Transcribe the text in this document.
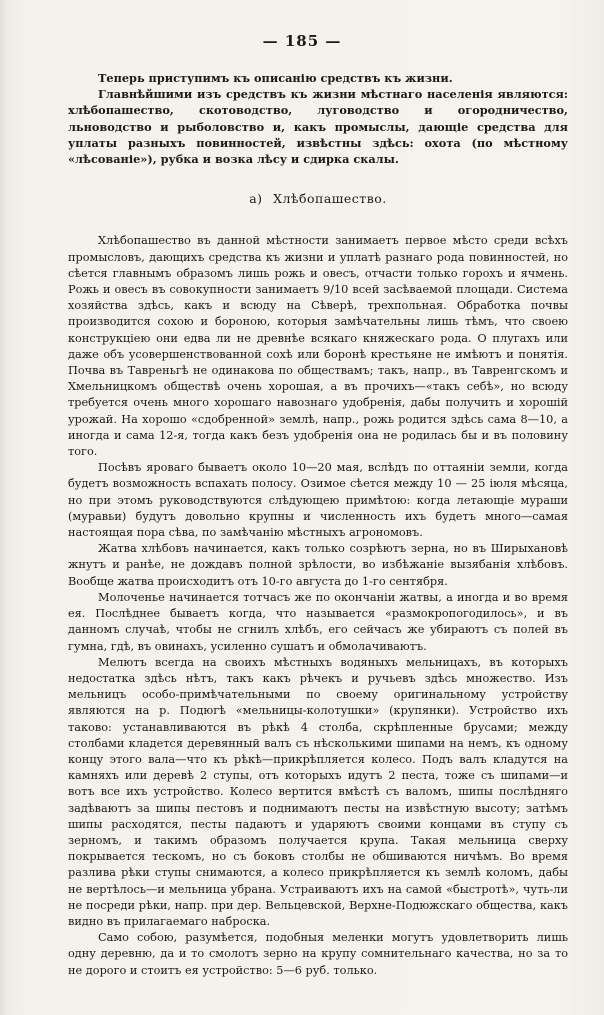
— 185 —

Теперь приступимъ къ описанію средствъ къ жизни.

Главнѣйшими изъ средствъ къ жизни мѣстнаго населенія являются: хлѣбопашество, скотоводство, луговодство и огородничество, льноводство и рыболовство и, какъ промыслы, дающіе средства для уплаты разныхъ повинностей, извѣстны здѣсь: охота (по мѣстному «лѣсованіе»), рубка и возка лѣсу и сдирка скалы.

а) Хлѣбопашество.

Хлѣбопашество въ данной мѣстности занимаетъ первое мѣсто среди всѣхъ промысловъ, дающихъ средства къ жизни и уплатѣ разнаго рода повинностей, но сѣется главнымъ образомъ лишь рожь и овесъ, отчасти только горохъ и ячмень. Рожь и овесъ въ совокупности занимаетъ 9/10 всей засѣваемой площади. Система хозяйства здѣсь, какъ и всюду на Сѣверѣ, трехпольная. Обработка почвы производится сохою и бороною, которыя замѣчательны лишь тѣмъ, что своею конструкціею они едва ли не древнѣе всякаго княжескаго рода. О плугахъ или даже объ усовершенствованной сохѣ или боронѣ крестьяне не имѣютъ и понятія. Почва въ Тавреньгѣ не одинакова по обществамъ; такъ, напр., въ Тавренгскомъ и Хмельницкомъ обществѣ очень хорошая, а въ прочихъ—«такъ себѣ», но всюду требуется очень много хорошаго навознаго удобренія, дабы получить и хорошій урожай. На хорошо «сдобренной» землѣ, напр., рожь родится здѣсь сама 8—10, а иногда и сама 12-я, тогда какъ безъ удобренія она не родилась бы и въ половину того.

Посѣвъ яроваго бываетъ около 10—20 мая, вслѣдъ по оттаяніи земли, когда будетъ возможность вспахать полосу. Озимое сѣется между 10 — 25 іюля мѣсяца, но при этомъ руководствуются слѣдующею примѣтою: когда летающіе мураши (муравьи) будутъ довольно крупны и численность ихъ будетъ много—самая настоящая пора сѣва, по замѣчанію мѣстныхъ агрономовъ.

Жатва хлѣбовъ начинается, какъ только созрѣютъ зерна, но въ Ширыхановѣ жнутъ и ранѣе, не дождавъ полной зрѣлости, во избѣжаніе вызябанія хлѣбовъ. Вообще жатва происходитъ отъ 10-го августа до 1-го сентября.

Молоченье начинается тотчасъ же по окончаніи жатвы, а иногда и во время ея. Послѣднее бываетъ когда, что называется «размокропогодилось», и въ данномъ случаѣ, чтобы не сгнилъ хлѣбъ, его сейчасъ же убираютъ съ полей въ гумна, гдѣ, въ овинахъ, усиленно сушатъ и обмолачиваютъ.

Мелютъ всегда на своихъ мѣстныхъ водяныхъ мельницахъ, въ которыхъ недостатка здѣсь нѣтъ, такъ какъ рѣчекъ и ручьевъ здѣсь множество. Изъ мельницъ особо-примѣчательными по своему оригинальному устройству являются на р. Подюгѣ «мельницы-колотушки» (крупянки). Устройство ихъ таково: устанавливаются въ рѣкѣ 4 столба, скрѣпленные брусами; между столбами кладется деревянный валъ съ нѣсколькими шипами на немъ, къ одному концу этого вала—что къ рѣкѣ—прикрѣпляется колесо. Подъ валъ кладутся на камняхъ или деревѣ 2 ступы, отъ которыхъ идутъ 2 песта, тоже съ шипами—и вотъ все ихъ устройство. Колесо вертится вмѣстѣ съ валомъ, шипы послѣдняго задѣваютъ за шипы пестовъ и поднимаютъ песты на извѣстную высоту; затѣмъ шипы расходятся, песты падаютъ и ударяютъ своими концами въ ступу съ зерномъ, и такимъ образомъ получается крупа. Такая мельница сверху покрывается тескомъ, но съ боковъ столбы не обшиваются ничѣмъ. Во время разлива рѣки ступы снимаются, а колесо прикрѣпляется къ землѣ коломъ, дабы не вертѣлось—и мельница убрана. Устраиваютъ ихъ на самой «быстротѣ», чуть-ли не посреди рѣки, напр. при дер. Вельцевской, Верхне-Подюжскаго общества, какъ видно въ прилагаемаго наброска.

Само собою, разумѣется, подобныя меленки могутъ удовлетворить лишь одну деревню, да и то смолотъ зерно на крупу сомнительнаго качества, но за то не дорого и стоитъ ея устройство: 5—6 руб. только.
